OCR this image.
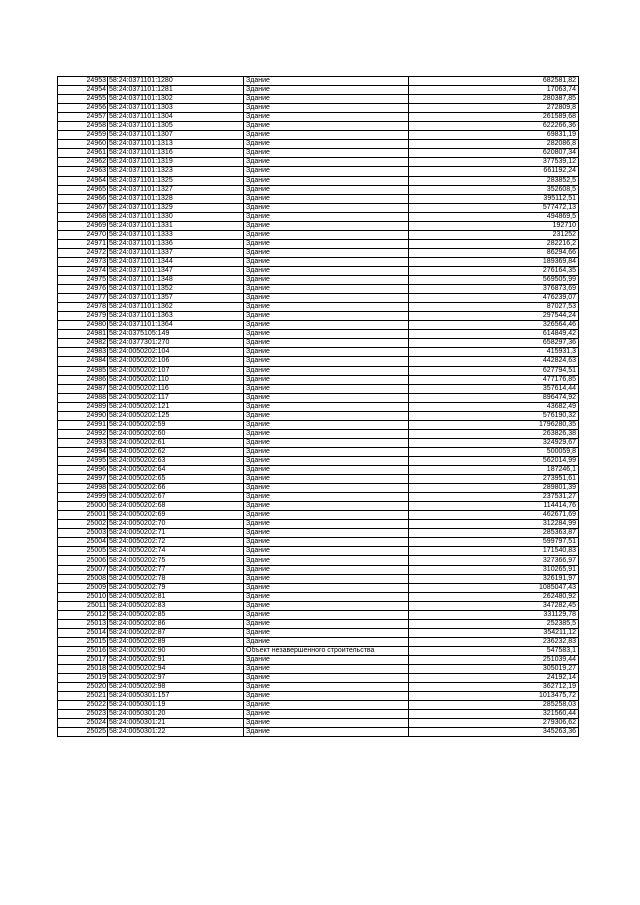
24953	58:24:0371101:1280	Здание	682581,82
24954	58:24:0371101:1281	Здание	17063,74
24955	58:24:0371101:1302	Здание	280387,85
24956	58:24:0371101:1303	Здание	272809,8
24957	58:24:0371101:1304	Здание	261589,68
24958	58:24:0371101:1305	Здание	622266,36
24959	58:24:0371101:1307	Здание	69831,19
24960	58:24:0371101:1313	Здание	282086,8
24961	58:24:0371101:1316	Здание	620807,34
24962	58:24:0371101:1319	Здание	377539,12
24963	58:24:0371101:1323	Здание	661192,24
24964	58:24:0371101:1325	Здание	283852,5
24965	58:24:0371101:1327	Здание	352608,5
24966	58:24:0371101:1328	Здание	395112,51
24967	58:24:0371101:1329	Здание	577472,13
24968	58:24:0371101:1330	Здание	494869,5
24969	58:24:0371101:1331	Здание	192710
24970	58:24:0371101:1333	Здание	231252
24971	58:24:0371101:1336	Здание	282216,2
24972	58:24:0371101:1337	Здание	86294,66
24973	58:24:0371101:1344	Здание	189369,84
24974	58:24:0371101:1347	Здание	276164,35
24975	58:24:0371101:1348	Здание	569505,99
24976	58:24:0371101:1352	Здание	376873,69
24977	58:24:0371101:1357	Здание	476239,07
24978	58:24:0371101:1362	Здание	87027,53
24979	58:24:0371101:1363	Здание	297544,24
24980	58:24:0371101:1364	Здание	326564,46
24981	58:24:0375105:149	Здание	614849,42
24982	58:24:0377301:270	Здание	658297,36
24983	58:24:0050202:104	Здание	415931,3
24984	58:24:0050202:106	Здание	442824,63
24985	58:24:0050202:107	Здание	627794,51
24986	58:24:0050202:110	Здание	477176,85
24987	58:24:0050202:116	Здание	357614,44
24988	58:24:0050202:117	Здание	896474,92
24989	58:24:0050202:121	Здание	43682,49
24990	58:24:0050202:125	Здание	576190,32
24991	58:24:0050202:59	Здание	1796280,35
24992	58:24:0050202:60	Здание	263826,38
24993	58:24:0050202:61	Здание	324929,67
24994	58:24:0050202:62	Здание	500059,8
24995	58:24:0050202:63	Здание	562014,99
24996	58:24:0050202:64	Здание	187246,1
24997	58:24:0050202:65	Здание	273951,61
24998	58:24:0050202:66	Здание	289801,39
24999	58:24:0050202:67	Здание	237531,27
25000	58:24:0050202:68	Здание	114414,76
25001	58:24:0050202:69	Здание	462671,69
25002	58:24:0050202:70	Здание	312284,99
25003	58:24:0050202:71	Здание	285363,87
25004	58:24:0050202:72	Здание	599797,51
25005	58:24:0050202:74	Здание	171540,83
25006	58:24:0050202:75	Здание	327366,97
25007	58:24:0050202:77	Здание	310265,91
25008	58:24:0050202:78	Здание	326191,97
25009	58:24:0050202:79	Здание	1085047,43
25010	58:24:0050202:81	Здание	262480,92
25011	58:24:0050202:83	Здание	347282,45
25012	58:24:0050202:85	Здание	331129,78
25013	58:24:0050202:86	Здание	252385,5
25014	58:24:0050202:87	Здание	354211,12
25015	58:24:0050202:89	Здание	236232,83
25016	58:24:0050202:90	Объект незавершенного строительства	547583,1
25017	58:24:0050202:91	Здание	251039,44
25018	58:24:0050202:94	Здание	305019,27
25019	58:24:0050202:97	Здание	24192,14
25020	58:24:0050202:98	Здание	362712,19
25021	58:24:0050301:157	Здание	1013475,72
25022	58:24:0050301:19	Здание	285258,03
25023	58:24:0050301:20	Здание	321560,44
25024	58:24:0050301:21	Здание	279306,62
25025	58:24:0050301:22	Здание	345263,36
